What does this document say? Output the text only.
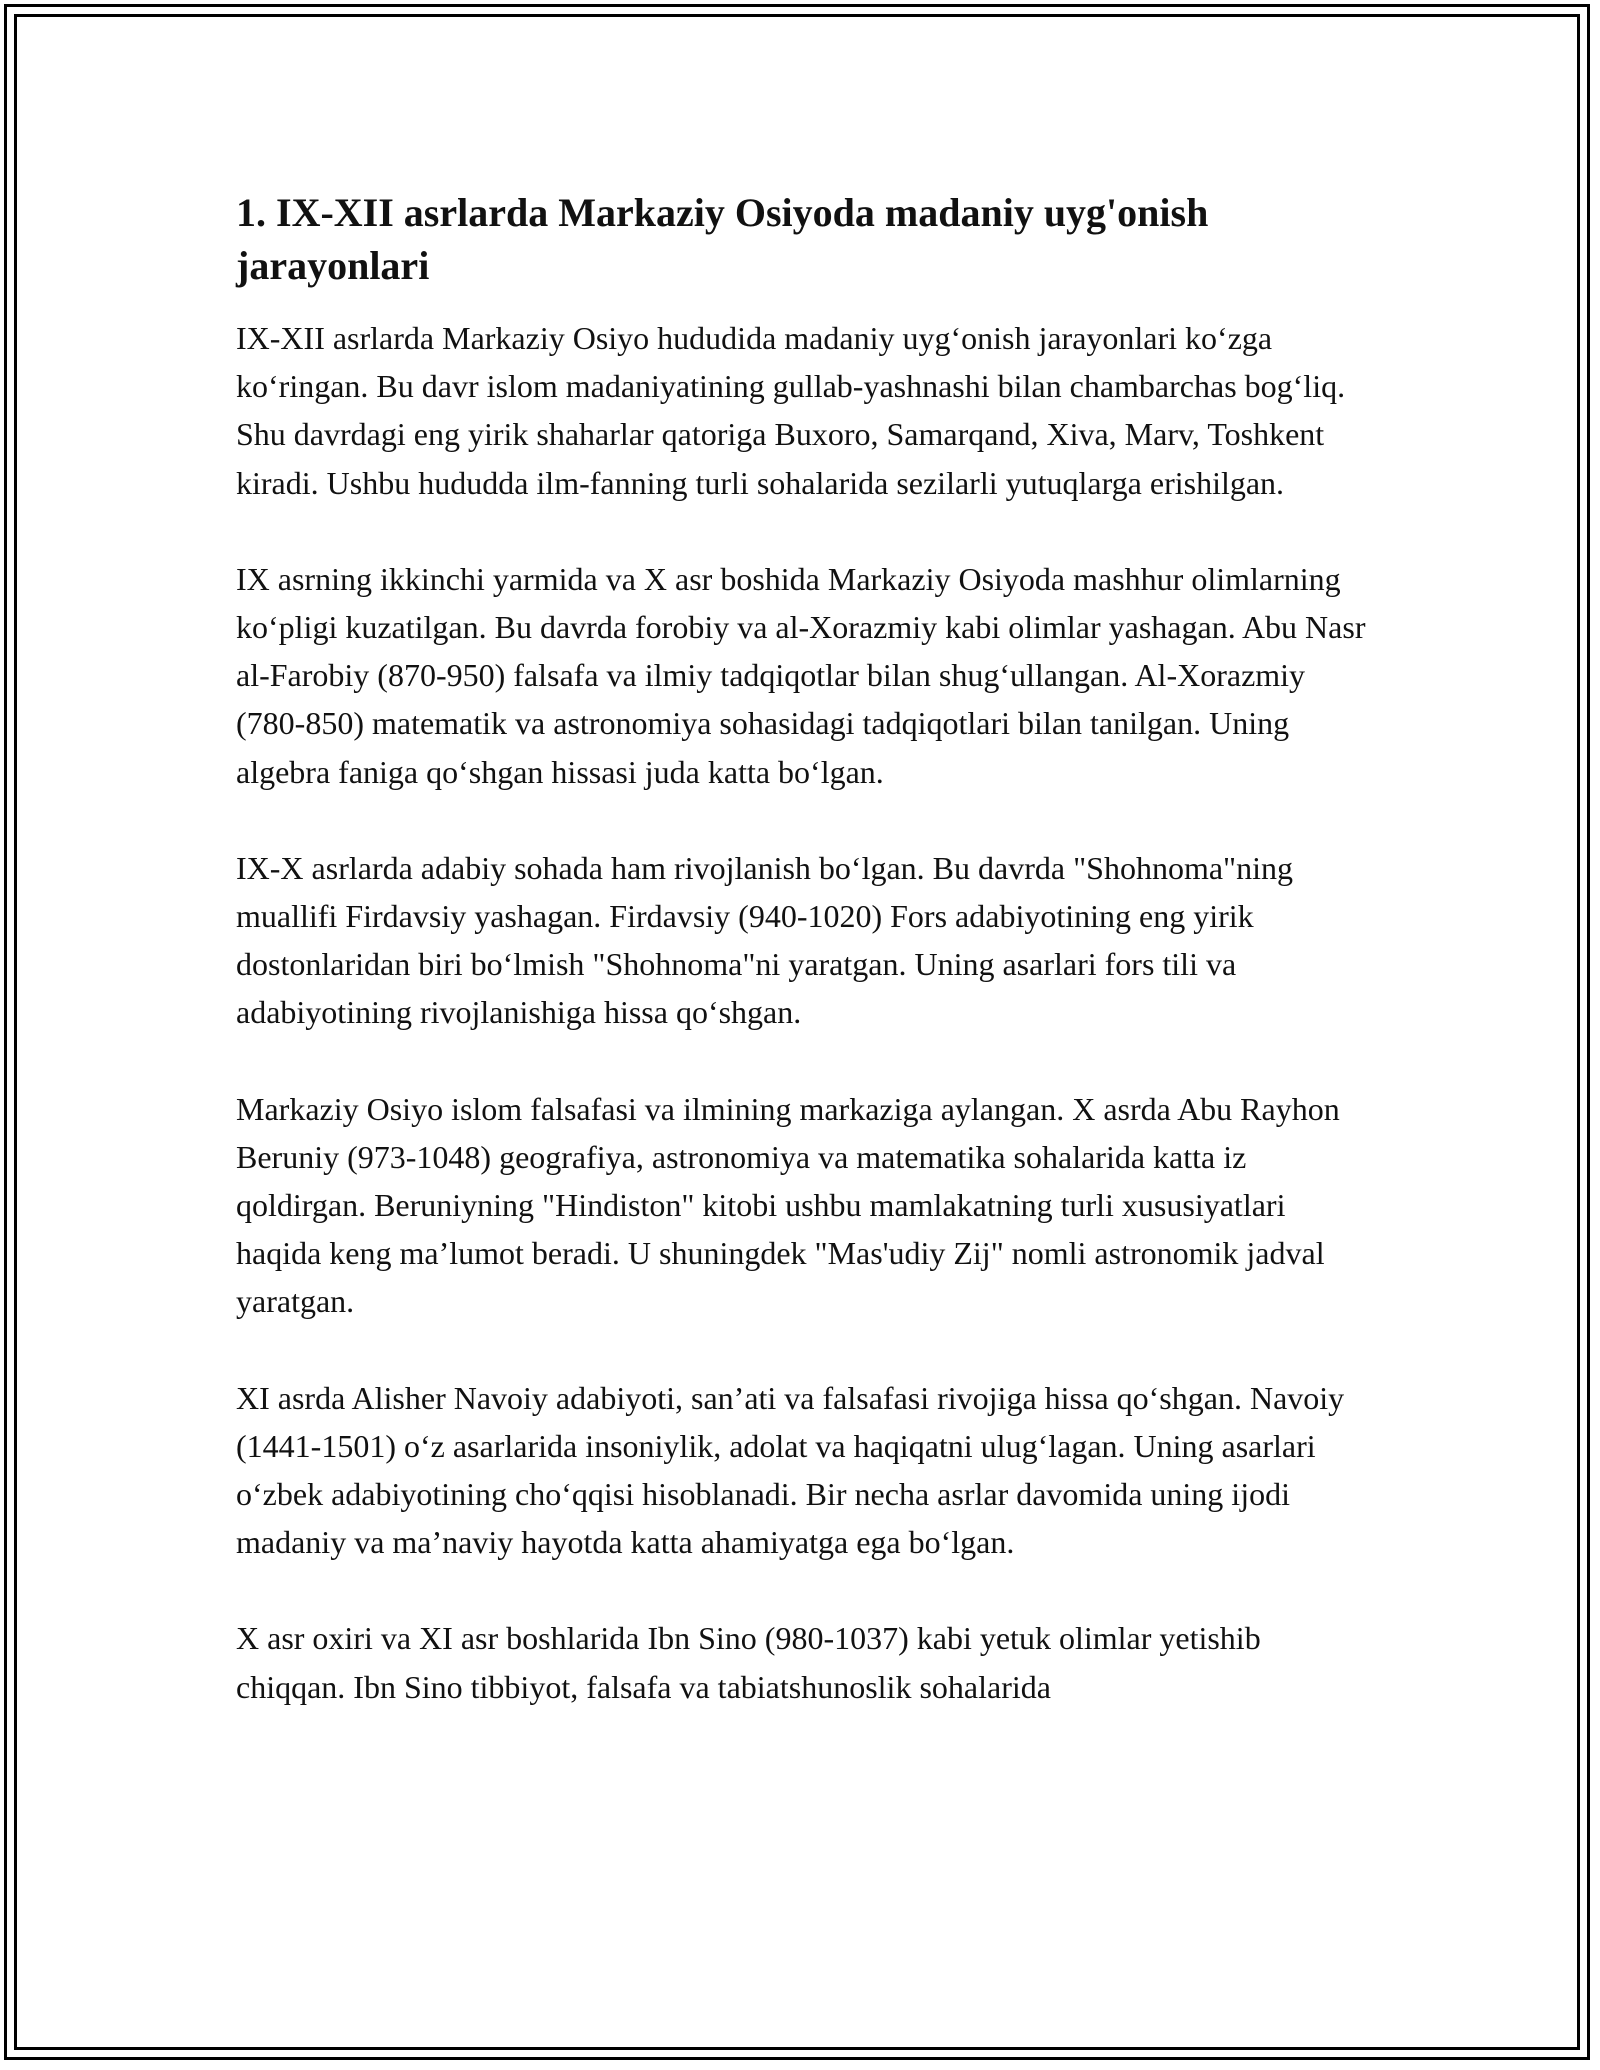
1. IX-XII asrlarda Markaziy Osiyoda madaniy uyg'onish jarayonlari

IX-XII asrlarda Markaziy Osiyo hududida madaniy uyg‘onish jarayonlari ko‘zga ko‘ringan. Bu davr islom madaniyatining gullab-yashnashi bilan chambarchas bog‘liq. Shu davrdagi eng yirik shaharlar qatoriga Buxoro, Samarqand, Xiva, Marv, Toshkent kiradi. Ushbu hududda ilm-fanning turli sohalarida sezilarli yutuqlarga erishilgan.

IX asrning ikkinchi yarmida va X asr boshida Markaziy Osiyoda mashhur olimlarning ko‘pligi kuzatilgan. Bu davrda forobiy va al-Xorazmiy kabi olimlar yashagan. Abu Nasr al-Farobiy (870-950) falsafa va ilmiy tadqiqotlar bilan shug‘ullangan. Al-Xorazmiy (780-850) matematik va astronomiya sohasidagi tadqiqotlari bilan tanilgan. Uning algebra faniga qo‘shgan hissasi juda katta bo‘lgan.

IX-X asrlarda adabiy sohada ham rivojlanish bo‘lgan. Bu davrda "Shohnoma"ning muallifi Firdavsiy yashagan. Firdavsiy (940-1020) Fors adabiyotining eng yirik dostonlaridan biri bo‘lmish "Shohnoma"ni yaratgan. Uning asarlari fors tili va adabiyotining rivojlanishiga hissa qo‘shgan.

Markaziy Osiyo islom falsafasi va ilmining markaziga aylangan. X asrda Abu Rayhon Beruniy (973-1048) geografiya, astronomiya va matematika sohalarida katta iz qoldirgan. Beruniyning "Hindiston" kitobi ushbu mamlakatning turli xususiyatlari haqida keng ma’lumot beradi. U shuningdek "Mas'udiy Zij" nomli astronomik jadval yaratgan.

XI asrda Alisher Navoiy adabiyoti, san’ati va falsafasi rivojiga hissa qo‘shgan. Navoiy (1441-1501) o‘z asarlarida insoniylik, adolat va haqiqatni ulug‘lagan. Uning asarlari o‘zbek adabiyotining cho‘qqisi hisoblanadi. Bir necha asrlar davomida uning ijodi madaniy va ma’naviy hayotda katta ahamiyatga ega bo‘lgan.

X asr oxiri va XI asr boshlarida Ibn Sino (980-1037) kabi yetuk olimlar yetishib chiqqan. Ibn Sino tibbiyot, falsafa va tabiatshunoslik sohalarida
